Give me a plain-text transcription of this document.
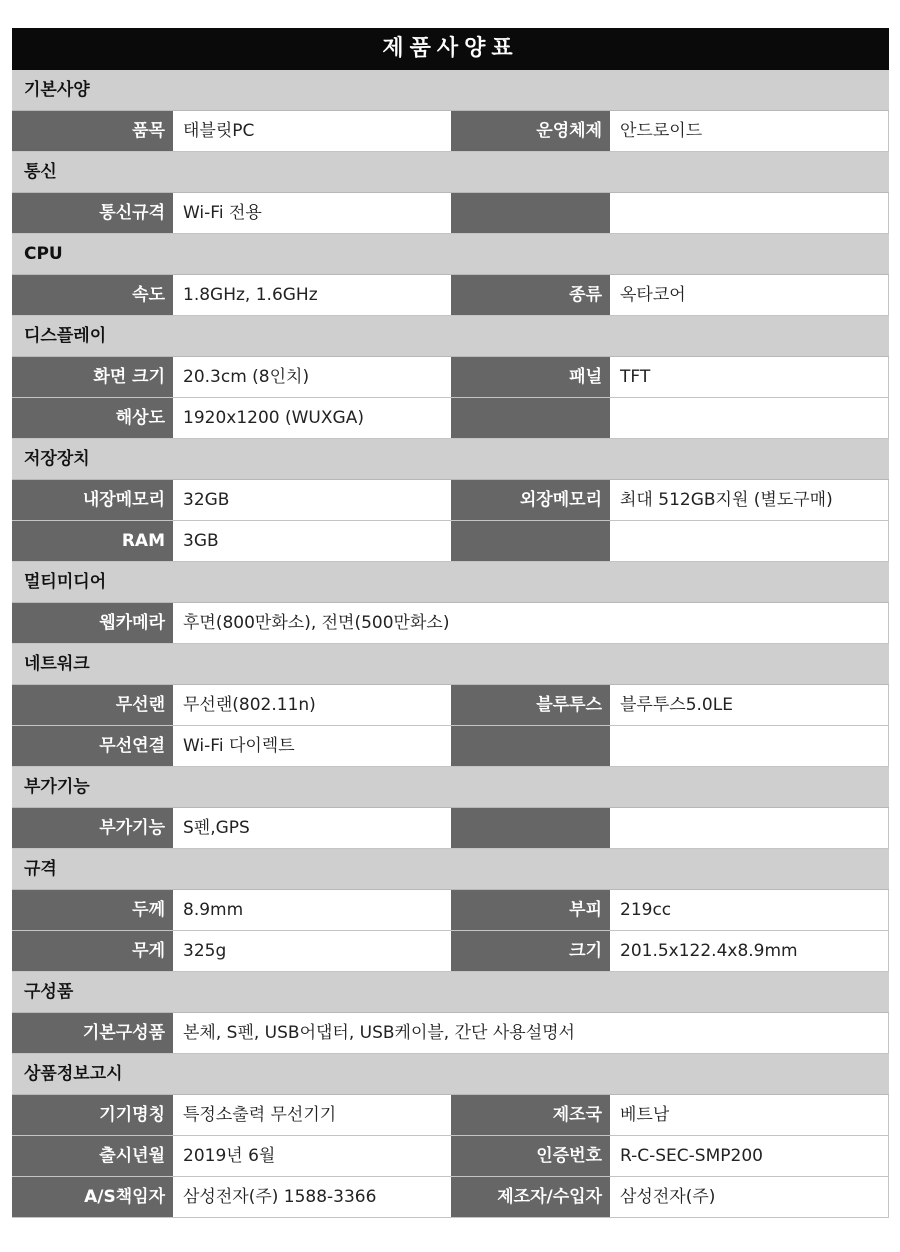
제품사양표
기본사양
품목	태블릿PC	운영체제	안드로이드
통신
통신규격	Wi-Fi 전용
CPU
속도	1.8GHz, 1.6GHz	종류	옥타코어
디스플레이
화면 크기	20.3cm (8인치)	패널	TFT
해상도	1920x1200 (WUXGA)
저장장치
내장메모리	32GB	외장메모리	최대 512GB지원 (별도구매)
RAM	3GB
멀티미디어
웹카메라	후면(800만화소), 전면(500만화소)
네트워크
무선랜	무선랜(802.11n)	블루투스	블루투스5.0LE
무선연결	Wi-Fi 다이렉트
부가기능
부가기능	S펜,GPS
규격
두께	8.9mm	부피	219cc
무게	325g	크기	201.5x122.4x8.9mm
구성품
기본구성품	본체, S펜, USB어댑터, USB케이블, 간단 사용설명서
상품정보고시
기기명칭	특정소출력 무선기기	제조국	베트남
출시년월	2019년 6월	인증번호	R-C-SEC-SMP200
A/S책임자	삼성전자(주) 1588-3366	제조자/수입자	삼성전자(주)
